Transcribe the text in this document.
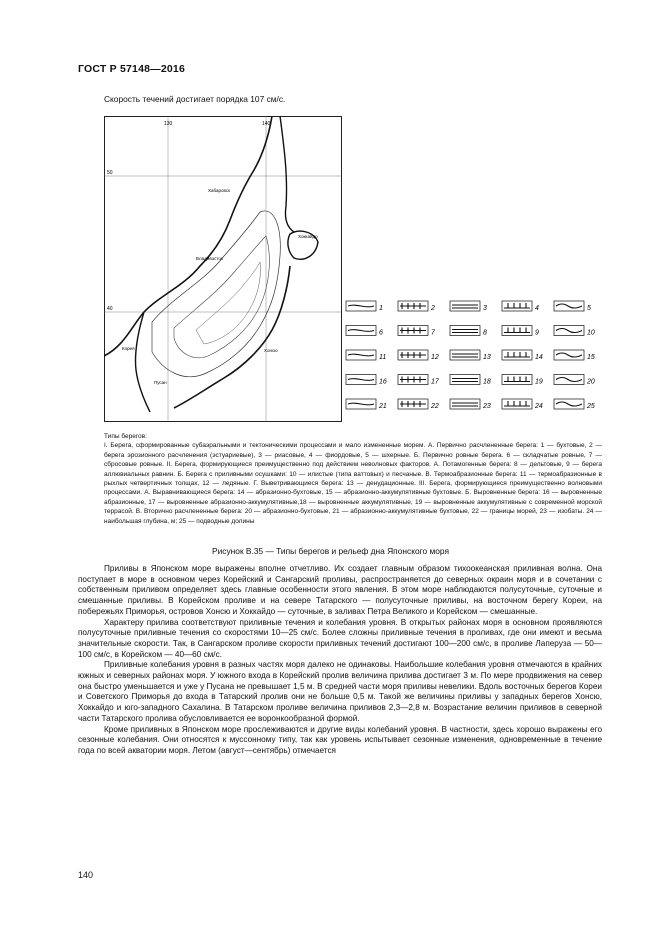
ГОСТ Р 57148—2016
Скорость течений достигает порядка 107 см/с.
130	140
50
40
Хабаровск
Владивосток
Хоккайдо
Корея
Пусан
Хонсю
1	2	3	4	5
6	7	8	9	10
11	12	13	14	15
16	17	18	19	20
21	22	23	24	25

Типы берегов:

I. Берега, сформированные субаэральными и тектоническими процессами и мало измененные морем. А. Первично расчлененные берега: 1 — бухтовые, 2 — берега эрозионного расчленения (эстуариевые), 3 — риасовые, 4 — фиордовые, 5 — шхерные. Б. Первично ровные берега. 6 — складчатые ровные, 7 — сбросовые ровные. II. Берега, формирующиеся преимущественно под действием неволновых факторов. А. Потамогенные берега: 8 — дельтовые, 9 — берега аллювиальных равнин. Б. Берега с приливными осушками: 10 — илистые (типа ваттовых) и песчаные. В. Термоабразионные берега: 11 — термоабразионные в рыхлых четвертичных толщах, 12 — ледяные. Г. Выветривающиеся берега: 13 — денудационные. III. Берега, формирующиеся преимущественно волновыми процессами. А. Выравнивающиеся берега: 14 — абразионно-бухтовые, 15 — абразионно-аккумулятивные бухтовые. Б. Выровненные берега: 16 — выровненные абразионные, 17 — выровненные абразионно-аккумулятивные,18 — выровненные аккумулятивные, 19 — выровненные аккумулятивные с современной морской террасой. В. Вторично расчлененные берега: 20 — абразионно-бухтовые, 21 — абразионно-аккумулятивные бухтовые, 22 — границы морей, 23 — изобаты. 24 — наибольшая глубина, м; 25 — подводные долины

Рисунок В.35 — Типы берегов и рельеф дна Японского моря

Приливы в Японском море выражены вполне отчетливо. Их создает главным образом тихоокеанская приливная волна. Она поступает в море в основном через Корейский и Сангарский проливы, распространяется до северных окраин моря и в сочетании с собственным приливом определяет здесь главные особенности этого явления. В этом море наблюдаются полусуточные, суточные и смешанные приливы. В Корейском проливе и на севере Татарского — полусуточные приливы, на восточном берегу Кореи, на побережьях Приморья, островов Хонсю и Хоккайдо — суточные, в заливах Петра Великого и Корейском — смешанные.

Характеру прилива соответствуют приливные течения и колебания уровня. В открытых районах моря в основном проявляются полусуточные приливные течения со скоростями 10—25 см/с. Более сложны приливные течения в проливах, где они имеют и весьма значительные скорости. Так, в Сангарском проливе скорости приливных течений достигают 100—200 см/с, в проливе Лаперуза — 50—100 см/с, в Корейском — 40—60 см/с.

Приливные колебания уровня в разных частях моря далеко не одинаковы. Наибольшие колебания уровня отмечаются в крайних южных и северных районах моря. У южного входа в Корейский пролив величина прилива достигает 3 м. По мере продвижения на север она быстро уменьшается и уже у Пусана не превышает 1,5 м. В средней части моря приливы невелики. Вдоль восточных берегов Кореи и Советского Приморья до входа в Татарский пролив они не больше 0,5 м. Такой же величины приливы у западных берегов Хонсю, Хоккайдо и юго-западного Сахалина. В Татарском проливе величина приливов 2,3—2,8 м. Возрастание величин приливов в северной части Татарского пролива обусловливается ее воронкообразной формой.

Кроме приливных в Японском море прослеживаются и другие виды колебаний уровня. В частности, здесь хорошо выражены его сезонные колебания. Они относятся к муссонному типу, так как уровень испытывает сезонные изменения, одновременные в течение года по всей акватории моря. Летом (август—сентябрь) отмечается

140
